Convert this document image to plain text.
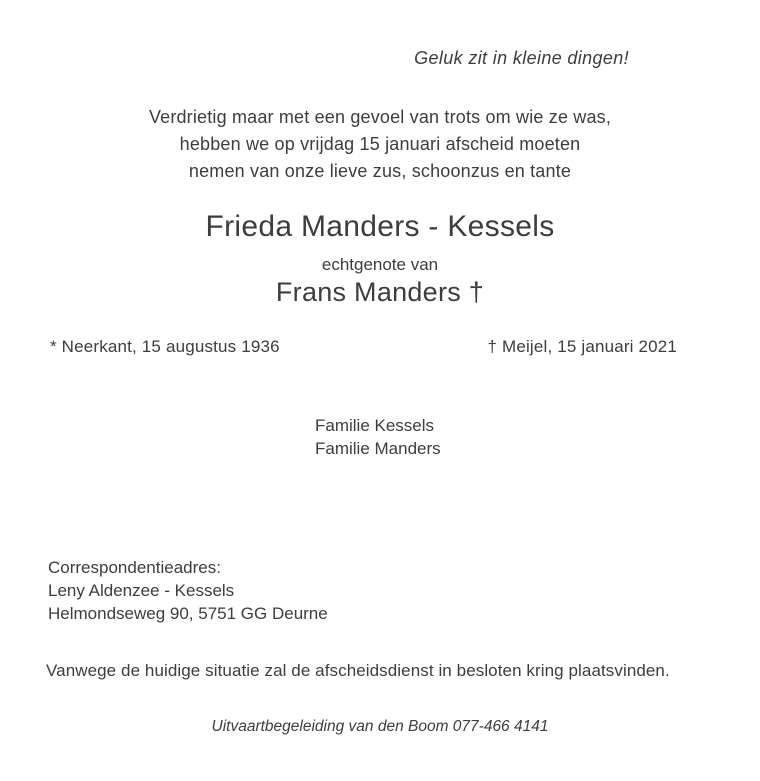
Geluk zit in kleine dingen!
Verdrietig maar met een gevoel van trots om wie ze was,
hebben we op vrijdag 15 januari afscheid moeten
nemen van onze lieve zus, schoonzus en tante
Frieda Manders - Kessels
echtgenote van
Frans Manders †
* Neerkant, 15 augustus 1936	† Meijel, 15 januari 2021
Familie Kessels
Familie Manders
Correspondentieadres:
Leny Aldenzee - Kessels
Helmondseweg 90, 5751 GG Deurne
Vanwege de huidige situatie zal de afscheidsdienst in besloten kring plaatsvinden.
Uitvaartbegeleiding van den Boom 077-466 4141
